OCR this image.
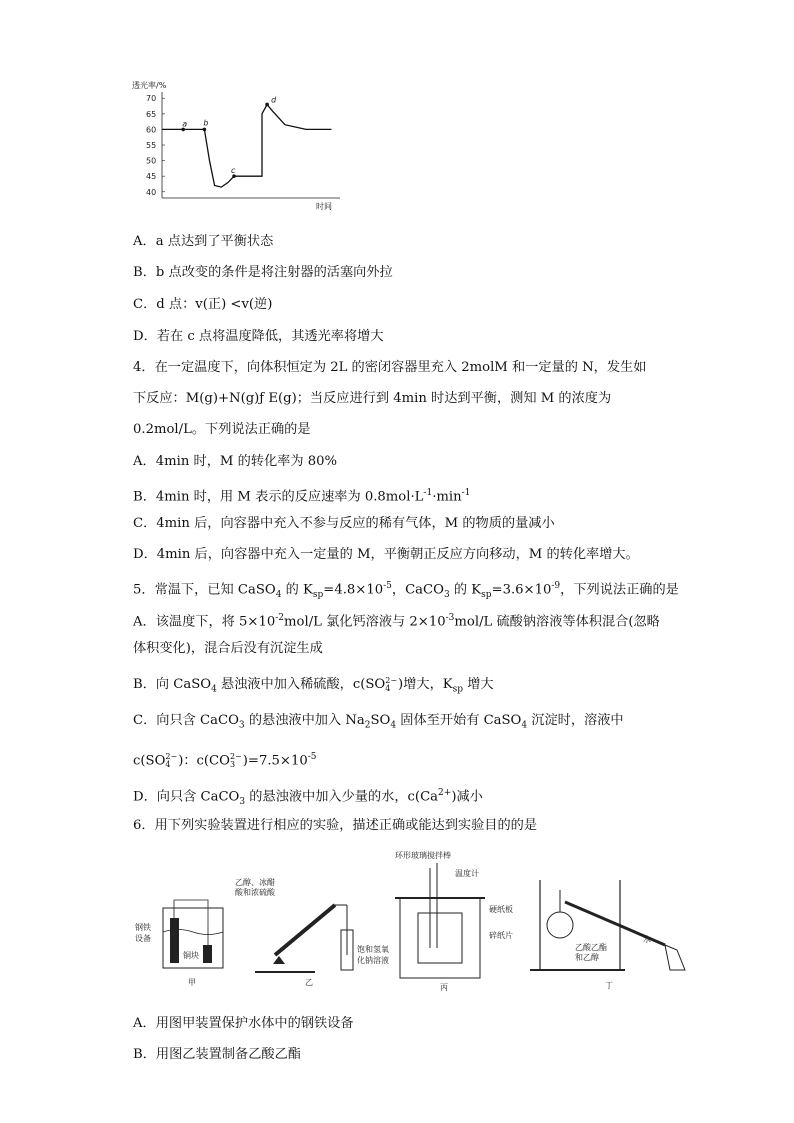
透光率/%
70
65
60
55
50
45
40
时间
a b
c
d
A．a 点达到了平衡状态
B．b 点改变的条件是将注射器的活塞向外拉
C．d 点：v(正) <v(逆)
D．若在 c 点将温度降低，其透光率将增大
4．在一定温度下，向体积恒定为 2L 的密闭容器里充入 2molM 和一定量的 N，发生如
下反应：M(g)+N(g)ƒ E(g)；当反应进行到 4min 时达到平衡，测知 M 的浓度为
0.2mol/L。下列说法正确的是
A．4min 时，M 的转化率为 80%
B．4min 时，用 M 表示的反应速率为 $0.8mol\cdot L^{-1}\cdot\min^{-1}$
C．4min 后，向容器中充入不参与反应的稀有气体，M 的物质的量减小
D．4min 后，向容器中充入一定量的 M，平衡朝正反应方向移动，M 的转化率增大。
5．常温下，已知 CaSO$_4$ 的 $K_{sp}=4.8\times 10^{-5}$，CaCO$_3$ 的 $K_{sp}=3.6\times 10^{-9}$，下列说法正确的是
A．该温度下，将 $5\times 10^{-2}mol/L$ 氯化钙溶液与 $2\times 10^{-3}mol/L$ 硫酸钠溶液等体积混合(忽略
体积变化)，混合后没有沉淀生成
B．向 CaSO$_4$ 悬浊液中加入稀硫酸，c(SO2−
4 )增大，$K_{sp}$ 增大
C．向只含 CaCO$_3$ 的悬浊液中加入 $Na_2SO_4$ 固体至开始有 CaSO$_4$ 沉淀时，溶液中
c(SO2−
4 )：c(CO2−
3 )$=7.5\times 10^{-5}$
D．向只含 CaCO$_3$ 的悬浊液中加入少量的水，$c(Ca^{2+})$减小
6．用下列实验装置进行相应的实验，描述正确或能达到实验目的的是
钢铁
设备
铜块
甲
乙醇、冰醋
酸和浓硫酸
饱和氢氧
化钠溶液
乙
环形玻璃搅拌棒
温度计
硬纸板
碎纸片
丙
水
乙酸乙酯
和乙醇
丁
A．用图甲装置保护水体中的钢铁设备
B．用图乙装置制备乙酸乙酯
